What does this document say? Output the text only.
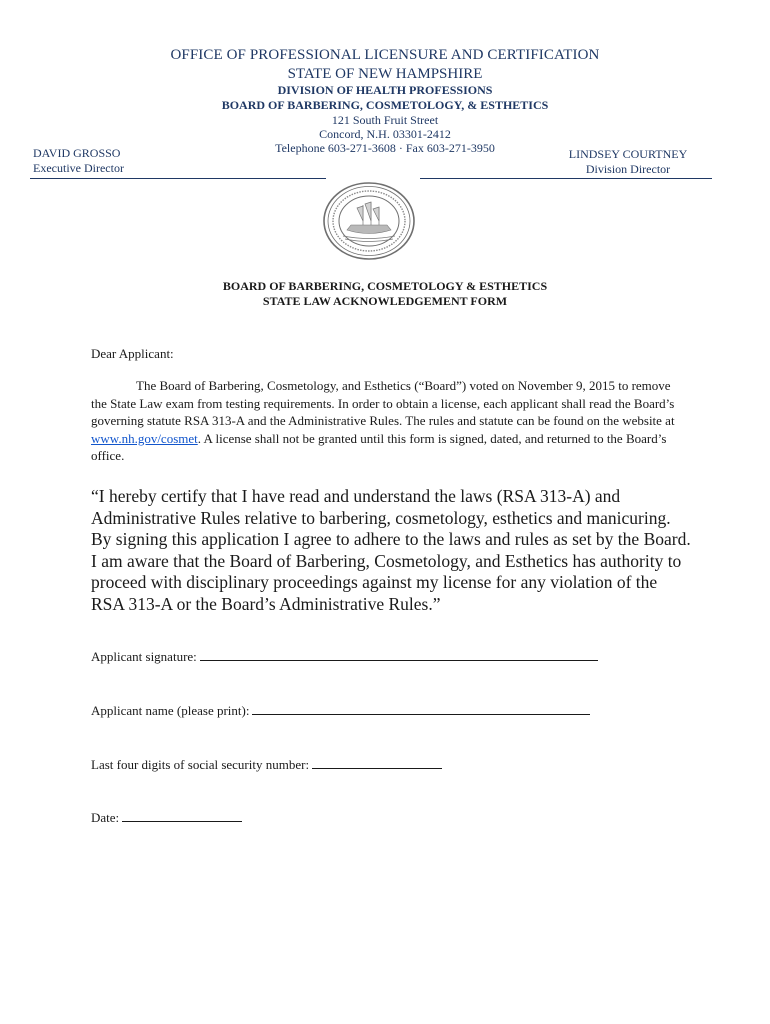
OFFICE OF PROFESSIONAL LICENSURE AND CERTIFICATION
STATE OF NEW HAMPSHIRE
DIVISION OF HEALTH PROFESSIONS
BOARD OF BARBERING, COSMETOLOGY, & ESTHETICS
121 South Fruit Street
Concord, N.H. 03301-2412
Telephone 603-271-3608 · Fax 603-271-3950
DAVID GROSSO
Executive Director
LINDSEY COURTNEY
Division Director
BOARD OF BARBERING, COSMETOLOGY & ESTHETICS
STATE LAW ACKNOWLEDGEMENT FORM
Dear Applicant:
The Board of Barbering, Cosmetology, and Esthetics (“Board”) voted on November 9, 2015 to remove the State Law exam from testing requirements. In order to obtain a license, each applicant shall read the Board’s governing statute RSA 313-A and the Administrative Rules. The rules and statute can be found on the website at www.nh.gov/cosmet. A license shall not be granted until this form is signed, dated, and returned to the Board’s office.
“I hereby certify that I have read and understand the laws (RSA 313-A) and Administrative Rules relative to barbering, cosmetology, esthetics and manicuring. By signing this application I agree to adhere to the laws and rules as set by the Board. I am aware that the Board of Barbering, Cosmetology, and Esthetics has authority to proceed with disciplinary proceedings against my license for any violation of the RSA 313-A or the Board’s Administrative Rules.”
Applicant signature:
Applicant name (please print):
Last four digits of social security number:
Date:
